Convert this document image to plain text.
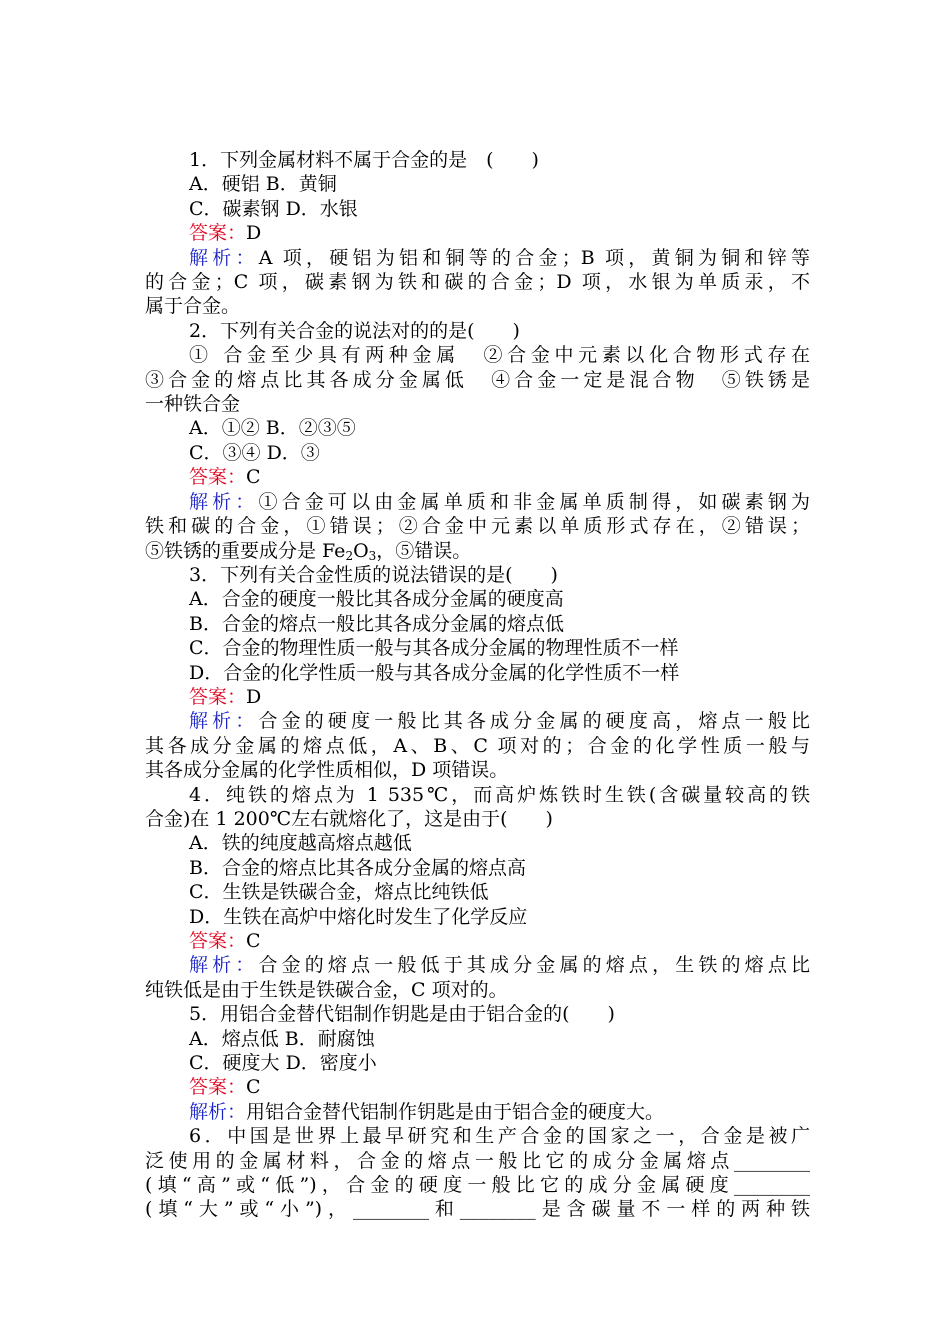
1．下列金属材料不属于合金的是　(　　)
A．硬铝 B．黄铜
C．碳素钢 D．水银
答案：D
解析：A 项，硬铝为铝和铜等的合金；B 项，黄铜为铜和锌等
的合金；C 项，碳素钢为铁和碳的合金；D 项，水银为单质汞，不
属于合金。
2．下列有关合金的说法对的的是(　　)
① 合金至少具有两种金属　②合金中元素以化合物形式存在
③合金的熔点比其各成分金属低　④合金一定是混合物　⑤铁锈是
一种铁合金
A．①② B．②③⑤
C．③④ D．③
答案：C
解析：①合金可以由金属单质和非金属单质制得，如碳素钢为
铁和碳的合金，①错误；②合金中元素以单质形式存在，②错误；
⑤铁锈的重要成分是 $Fe_2O_3$，⑤错误。
3．下列有关合金性质的说法错误的是(　　)
A．合金的硬度一般比其各成分金属的硬度高
B．合金的熔点一般比其各成分金属的熔点低
C．合金的物理性质一般与其各成分金属的物理性质不一样
D．合金的化学性质一般与其各成分金属的化学性质不一样
答案：D
解析：合金的硬度一般比其各成分金属的硬度高，熔点一般比
其各成分金属的熔点低，A、B、C 项对的；合金的化学性质一般与
其各成分金属的化学性质相似，D 项错误。
4．纯铁的熔点为 1 535℃，而高炉炼铁时生铁(含碳量较高的铁
合金)在 1 200℃左右就熔化了，这是由于(　　)
A．铁的纯度越高熔点越低
B．合金的熔点比其各成分金属的熔点高
C．生铁是铁碳合金，熔点比纯铁低
D．生铁在高炉中熔化时发生了化学反应
答案：C
解析：合金的熔点一般低于其成分金属的熔点，生铁的熔点比
纯铁低是由于生铁是铁碳合金，C 项对的。
5．用铝合金替代铝制作钥匙是由于铝合金的(　　)
A．熔点低 B．耐腐蚀
C．硬度大 D．密度小
答案：C
解析：用铝合金替代铝制作钥匙是由于铝合金的硬度大。
6．中国是世界上最早研究和生产合金的国家之一，合金是被广
泛使用的金属材料，合金的熔点一般比它的成分金属熔点________
(填“高”或“低”)，合金的硬度一般比它的成分金属硬度________
(填“大”或“小”)，________和________是含碳量不一样的两种铁
